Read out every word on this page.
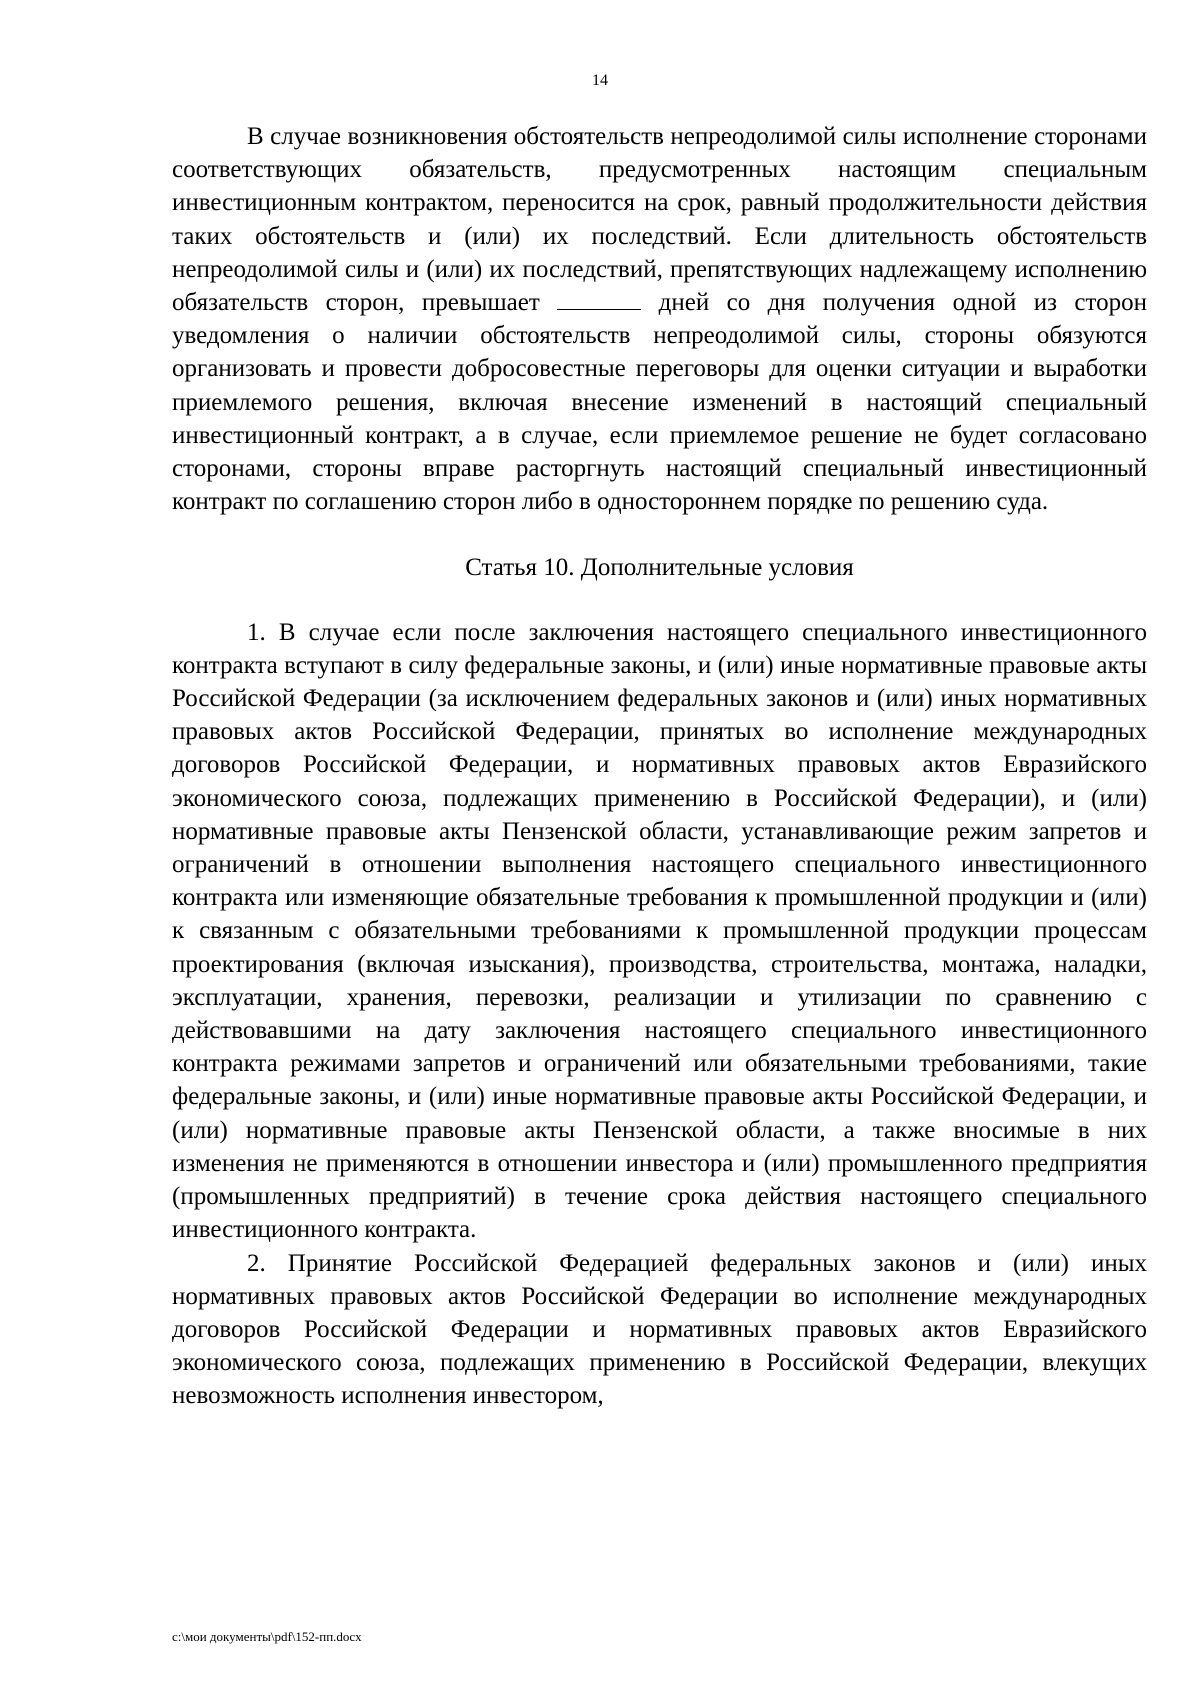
14

В случае возникновения обстоятельств непреодолимой силы исполнение сторонами соответствующих обязательств, предусмотренных настоящим специальным инвестиционным контрактом, переносится на срок, равный продолжительности действия таких обстоятельств и (или) их последствий. Если длительность обстоятельств непреодолимой силы и (или) их последствий, препятствующих надлежащему исполнению обязательств сторон, превышает	дней со дня получения одной из сторон уведомления о наличии обстоятельств непреодолимой силы, стороны обязуются организовать и провести добросовестные переговоры для оценки ситуации и выработки приемлемого решения, включая внесение изменений в настоящий специальный инвестиционный контракт, а в случае, если приемлемое решение не будет согласовано сторонами, стороны вправе расторгнуть настоящий специальный инвестиционный контракт по соглашению сторон либо в одностороннем порядке по решению суда.

Статья 10. Дополнительные условия

1. В случае если после заключения настоящего специального инвестиционного контракта вступают в силу федеральные законы, и (или) иные нормативные правовые акты Российской Федерации (за исключением федеральных законов и (или) иных нормативных правовых актов Российской Федерации, принятых во исполнение международных договоров Российской Федерации, и нормативных правовых актов Евразийского экономического союза, подлежащих применению в Российской Федерации), и (или) нормативные правовые акты Пензенской области, устанавливающие режим запретов и ограничений в отношении выполнения настоящего специального инвестиционного контракта или изменяющие обязательные требования к промышленной продукции и (или) к связанным с обязательными требованиями к промышленной продукции процессам проектирования (включая изыскания), производства, строительства, монтажа, наладки, эксплуатации, хранения, перевозки, реализации и утилизации по сравнению с действовавшими на дату заключения настоящего специального инвестиционного контракта режимами запретов и ограничений или обязательными требованиями, такие федеральные законы, и (или) иные нормативные правовые акты Российской Федерации, и (или) нормативные правовые акты Пензенской области, а также вносимые в них изменения не применяются в отношении инвестора и (или) промышленного предприятия (промышленных предприятий) в течение срока действия настоящего специального инвестиционного контракта.

2. Принятие Российской Федерацией федеральных законов и (или) иных нормативных правовых актов Российской Федерации во исполнение международных договоров Российской Федерации и нормативных правовых актов Евразийского экономического союза, подлежащих применению в Российской Федерации, влекущих невозможность исполнения инвестором,

c:\мои документы\pdf\152-пп.docx
